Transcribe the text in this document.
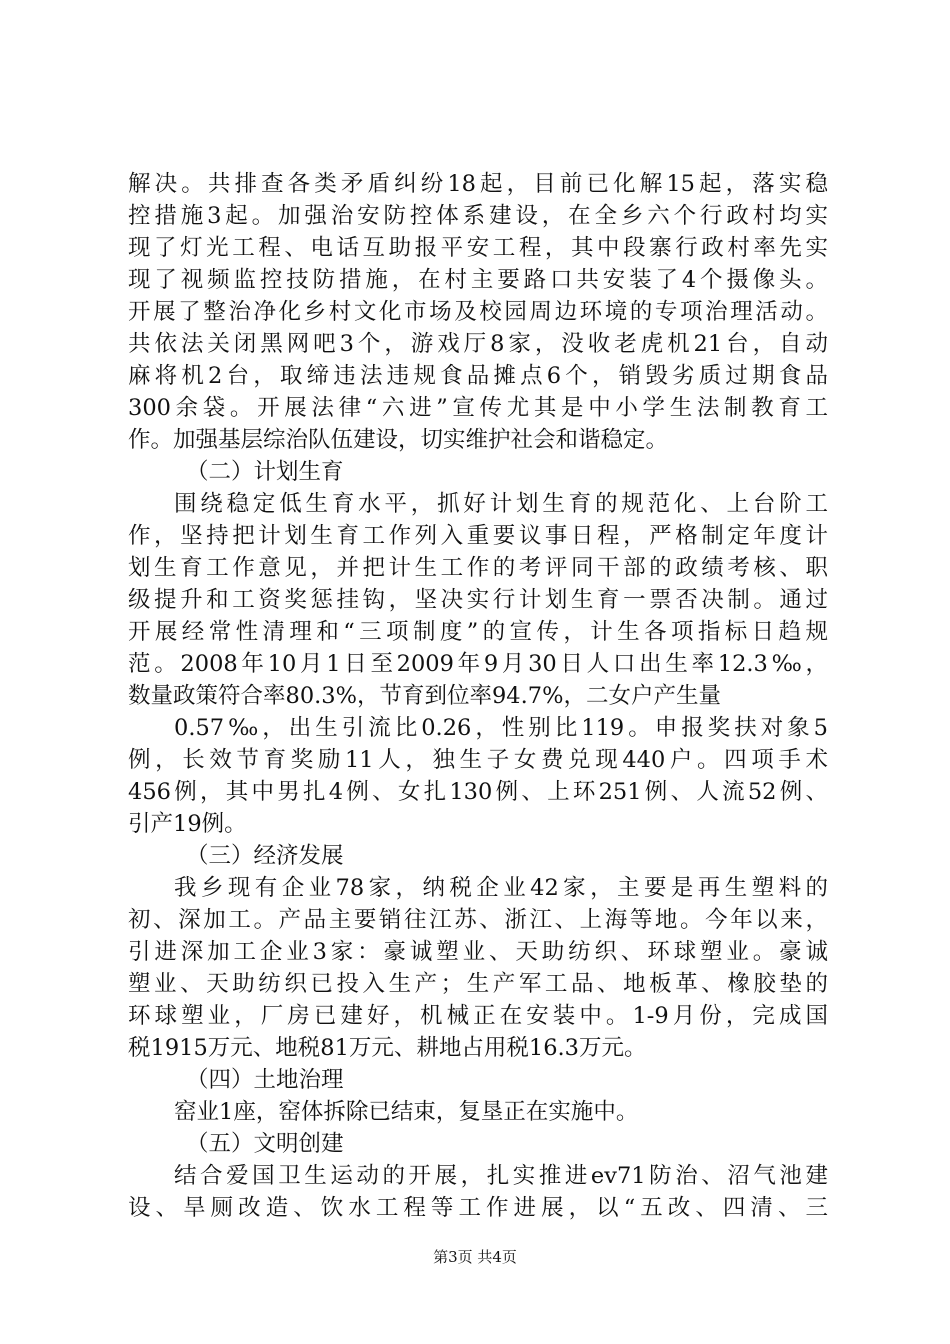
解决。共排查各类矛盾纠纷18起，目前已化解15起，落实稳
控措施3起。加强治安防控体系建设，在全乡六个行政村均实
现了灯光工程、电话互助报平安工程，其中段寨行政村率先实
现了视频监控技防措施，在村主要路口共安装了4个摄像头。
开展了整治净化乡村文化市场及校园周边环境的专项治理活动。
共依法关闭黑网吧3个，游戏厅8家，没收老虎机21台，自动
麻将机2台，取缔违法违规食品摊点6个，销毁劣质过期食品
300余袋。开展法律“六进”宣传尤其是中小学生法制教育工
作。加强基层综治队伍建设，切实维护社会和谐稳定。
（二）计划生育
围绕稳定低生育水平，抓好计划生育的规范化、上台阶工
作，坚持把计划生育工作列入重要议事日程，严格制定年度计
划生育工作意见，并把计生工作的考评同干部的政绩考核、职
级提升和工资奖惩挂钩，坚决实行计划生育一票否决制。通过
开展经常性清理和“三项制度”的宣传，计生各项指标日趋规
范。2008年10月1日至2009年9月30日人口出生率12.3‰，
数量政策符合率80.3%，节育到位率94.7%，二女户产生量
0.57‰，出生引流比0.26，性别比119。申报奖扶对象5
例，长效节育奖励11人，独生子女费兑现440户。四项手术
456例，其中男扎4例、女扎130例、上环251例、人流52例、
引产19例。
（三）经济发展
我乡现有企业78家，纳税企业42家，主要是再生塑料的
初、深加工。产品主要销往江苏、浙江、上海等地。今年以来，
引进深加工企业3家：豪诚塑业、天助纺织、环球塑业。豪诚
塑业、天助纺织已投入生产；生产军工品、地板革、橡胶垫的
环球塑业，厂房已建好，机械正在安装中。1-9月份，完成国
税1915万元、地税81万元、耕地占用税16.3万元。
（四）土地治理
窑业1座，窑体拆除已结束，复垦正在实施中。
（五）文明创建
结合爱国卫生运动的开展，扎实推进ev71防治、沼气池建
设、旱厕改造、饮水工程等工作进展，以“五改、四清、三
第3页 共4页
